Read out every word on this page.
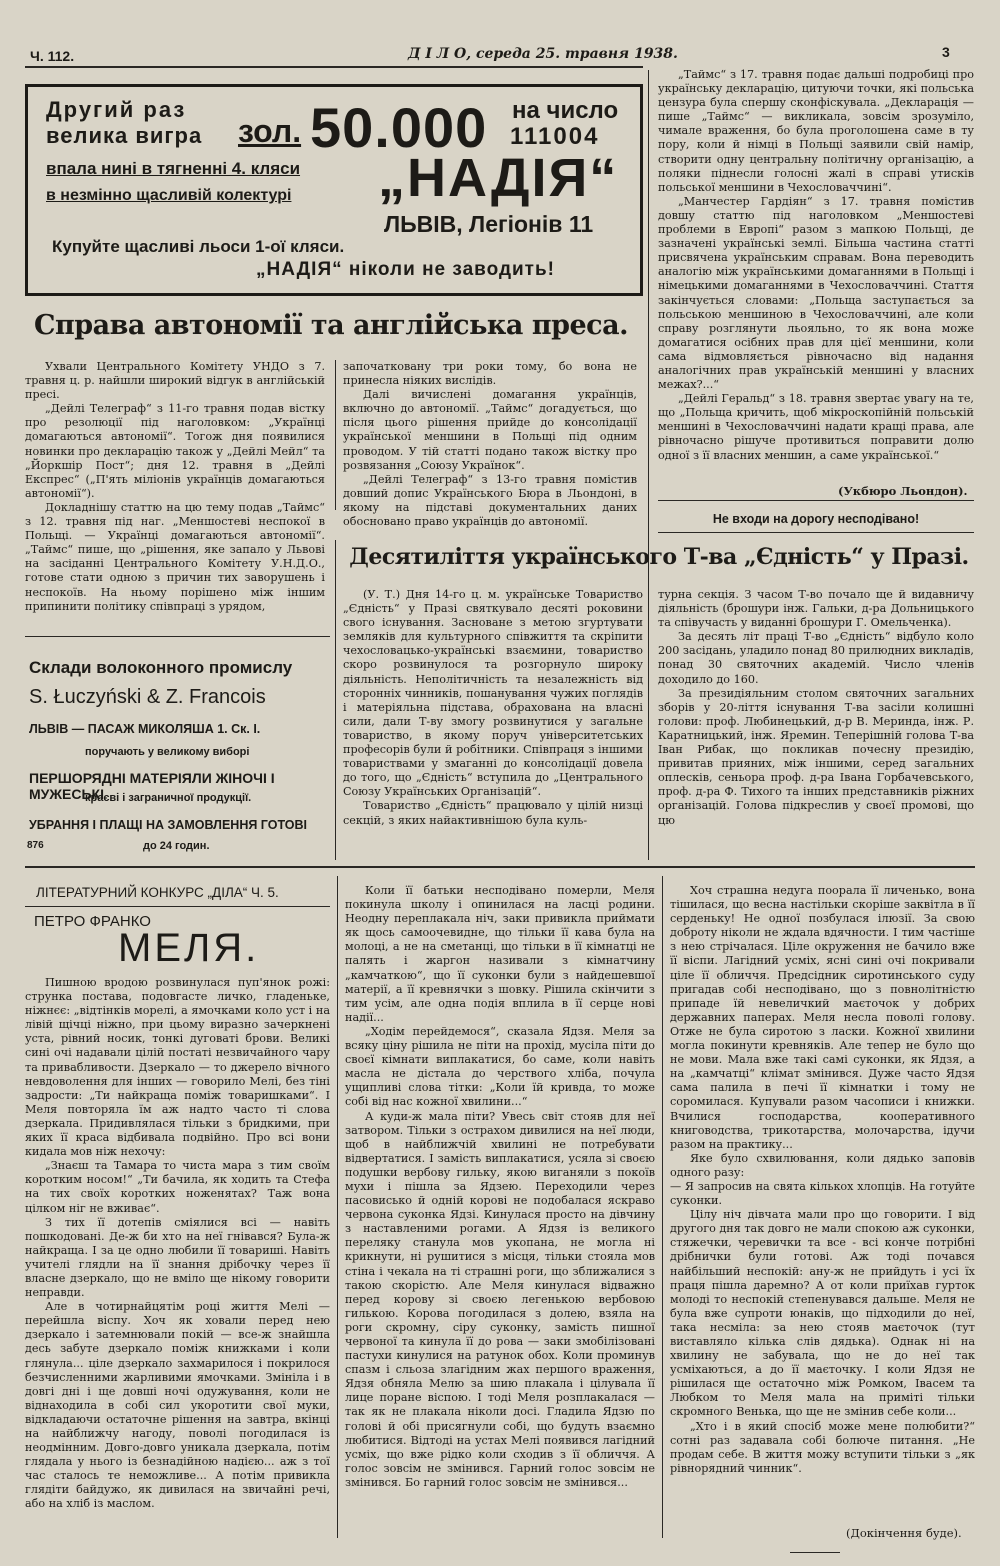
Ч. 112.	Д І Л О, середа 25. травня 1938.	3
Другий раз
велика вигра зол. 50.000 на число
111004
впала нині в тягненні 4. кляси
в незмінно щасливій колектурі „НАДІЯ“
ЛЬВІВ, Легіонів 11
Купуйте щасливі льоси 1-ої кляси.
„НАДІЯ“ ніколи не заводить!
Справа автономії та англійська преса.

Ухвали Центрального Комітету УНДО з 7. травня ц. р. найшли широкий відгук в англійській пресі.

„Дейлі Телеграф“ з 11-го травня подав вістку про резолюції під наголовком: „Українці домагаються автономії“. Тогож дня появилися новинки про декларацію також у „Дейлі Мейл“ та „Йоркшір Пост“; дня 12. травня в „Дейлі Експрес“ („П'ять міліонів українців домагаються автономії“).

Докладнішу статтю на цю тему подав „Таймс“ з 12. травня під наг. „Меншостеві неспокої в Польщі. — Українці домагаються автономії“. „Таймс“ пише, що „рішення, яке запало у Львові на засіданні Центрального Комітету У.Н.Д.О., готове стати одною з причин тих заворушень і неспокоїв. На ньому порішено між іншим припинити політику співпраці з урядом,

започатковану три роки тому, бо вона не принесла ніяких вислідів.

Далі вичислені домагання українців, включно до автономії. „Таймс“ догадується, що після цього рішення прийде до консолідації української меншини в Польщі під одним проводом. У тій статті подано також вістку про розвязання „Союзу Українок“.

„Дейлі Телеграф“ з 13-го травня помістив довший допис Українського Бюра в Льондоні, в якому на підставі документальних даних обосновано право українців до автономії.

„Таймс“ з 17. травня подає дальші подробиці про українську декларацію, цитуючи точки, які польська цензура була спершу сконфіскувала. „Декларація — пише „Таймс“ — викликала, зовсім зрозуміло, чимале враження, бо була проголошена саме в ту пору, коли й німці в Польщі заявили свій намір, створити одну центральну політичну організацію, а поляки піднесли голосні жалі в справі утисків польської меншини в Чехословаччині“.

„Манчестер Гардіян“ з 17. травня помістив довшу статтю під наголовком „Меншостеві проблеми в Европі“ разом з мапкою Польщі, де зазначені українські землі. Більша частина статті присвячена українським справам. Вона переводить аналогію між українськими домаганнями в Польщі і німецькими домаганнями в Чехословаччині. Стаття закінчується словами: „Польща заступається за польською меншиною в Чехословаччині, але коли справу розглянути льояльно, то як вона може домагатися осібних прав для цієї меншини, коли сама відмовляється рівночасно від надання аналогічних прав українській меншині у власних межах?...“

„Дейлі Геральд“ з 18. травня звертає увагу на те, що „Польща кричить, щоб мікроскопійній польській меншині в Чехословаччині надати кращі права, але рівночасно рішуче противиться поправити долю одної з її власних меншин, а саме української.“

(Укбюро Льондон).
Не входи на дорогу несподівано!
Склади волоконного промислу
S. Łuczyński & Z. Francois
ЛЬВІВ — ПАСАЖ МИКОЛЯША 1. Ск. І.
поручають у великому виборі
ПЕРШОРЯДНІ МАТЕРІЯЛИ ЖІНОЧІ І МУЖЕСЬКІ
краєві і заграничної продукції.
УБРАННЯ І ПЛАЩІ НА ЗАМОВЛЕННЯ ГОТОВІ
876	до 24 годин.
Десятиліття українського Т-ва „Єдність“ у Празі.

(У. Т.) Дня 14-го ц. м. українське Товариство „Єдність“ у Празі святкувало десяті роковини свого існування. Засноване з метою згуртувати земляків для культурного співжиття та скріпити чехословацько-українські взаємини, товариство скоро розвинулося та розгорнуло широку діяльність. Неполітичність та незалежність від сторонніх чинників, пошанування чужих поглядів і матеріяльна підстава, обрахована на власні сили, дали Т-ву змогу розвинутися у загальне товариство, в якому поруч університетських професорів були й робітники. Співпраця з іншими товариствами у змаганні до консолідації довела до того, що „Єдність“ вступила до „Центрального Союзу Українських Організацій“.

Товариство „Єдність“ працювало у цілій низці секцій, з яких найактивнішою була куль-

турна секція. З часом Т-во почало ще й видавничу діяльність (брошури інж. Гальки, д-ра Дольницького та співучасть у виданні брошури Г. Омельченка).

За десять літ праці Т-во „Єдність“ відбуло коло 200 засідань, уладило понад 80 прилюдних викладів, понад 30 святочних академій. Число членів доходило до 160.

За президіяльним столом святочних загальних зборів у 20-ліття існування Т-ва засіли колишні голови: проф. Любинецький, д-р В. Меринда, інж. Р. Каратницький, інж. Яремин. Теперішній голова Т-ва Іван Рибак, що покликав почесну президію, привитав прияних, між іншими, серед загальних оплесків, сеньора проф. д-ра Івана Горбачевського, проф. д-ра Ф. Тихого та інших представників ріжних організацій. Голова підкреслив у своєї промові, що цю

ЛІТЕРАТУРНИЙ КОНКУРС „ДІЛА“ Ч. 5.
ПЕТРО ФРАНКО
МЕЛЯ.

Пишною вродою розвинулася пуп'янок рожі: струнка постава, подовгасте личко, гладеньке, ніжнєє: „відтінків морелі, а ямочками коло уст і на лівій щічці ніжно, при цьому виразно зачеркнені уста, рівний носик, тонкі дуговаті брови. Великі сині очі надавали цілій постаті незвичайного чару та привабливости. Дзеркало — то джерело вічного невдоволення для інших — говорило Мелі, без тіні задрости: „Ти найкраща поміж товаришками“. І Меля повторяла їм аж надто часто ті слова дзеркала. Придивлялася тільки з бридкими, при яких її краса відбивала подвійно. Про всі вони кидала мов ніж нехочу:

„Знаєш та Тамара то чиста мара з тим своїм коротким носом!“ „Ти бачила, як ходить та Стефа на тих своїх коротких ноженятах? Таж вона цілком ніг не вживає“.

З тих її дотепів сміялися всі — навіть пошкодовані. Де-ж би хто на неї гнівався? Була-ж найкраща. І за це одно любили її товариші. Навіть учителі глядли на її знання дрібочку через її власне дзеркало, що не вміло ще нікому говорити неправди.

Але в чотирнайцятім році життя Мелі — перейшла віспу. Хоч як ховали перед нею дзеркало і затемнювали покій — все-ж знайшла десь забуте дзеркало поміж книжками і коли глянула... ціле дзеркало захмарилося і покрилося безчисленними жарливими ямочками. Змініла і в довгі дні і ще довші ночі одужування, коли не віднаходила в собі сил укоротити свої муки, відкладаючи остаточне рішення на завтра, вкінці на найближчу нагоду, поволі погодилася із неодмінним. Довго-довго уникала дзеркала, потім глядала у нього із безнадійною надією... аж з тої час сталось те неможливе... А потім привикла глядіти байдужо, як дивилася на звичайні речі, або на хліб із маслом.

Коли її батьки несподівано померли, Меля покинула школу і опинилася на ласці родини. Неодну переплакала ніч, заки привикла приймати як щось самоочевидне, що тільки її кава була на молоці, а не на сметанці, що тільки в її кімнатці не палять і жаргон називали з кімнатчину „камчаткою“, що її суконки були з найдешевшої матерії, а її кревнячки з шовку. Рішила скінчити з тим усім, але одна подія вплила в її серце нові надії...

„Ходім перейдемося“, сказала Ядзя. Меля за всяку ціну рішила не піти на прохід, мусіла піти до своєї кімнати виплакатися, бо саме, коли навіть масла не дістала до черствого хліба, почула ущипливі слова тітки: „Коли їй кривда, то може собі від нас кожної хвилини...“

А куди-ж мала піти? Увесь світ стояв для неї затвором. Тільки з острахом дивилися на неї люди, щоб в найближчій хвилині не потребувати відвертатися. І замість виплакатися, усяла зі своєю подушки вербову гильку, якою виганяли з покоїв мухи і пішла за Ядзею. Переходили через пасовисько й одній корові не подобалася яскраво червона суконка Ядзі. Кинулася просто на дівчину з наставленими рогами. А Ядзя із великого переляку станула мов укопана, не могла ні крикнути, ні рушитися з місця, тільки стояла мов стіна і чекала на ті страшні роги, що зближалися з такою скорістю. Але Меля кинулася відважно перед корову зі своєю легенькою вербовою гилькою. Корова погодилася з долею, взяла на роги скромну, сіру суконку, замість пишної червоної та кинула її до рова — заки змобілізовані пастухи кинулися на ратунок обох. Коли проминув спазм і сльоза злагідним жах першого враження, Ядзя обняла Мелю за шию плакала і цілувала її лице поране віспою. І тоді Меля розплакалася — так як не плакала ніколи досі. Гладила Ядзю по голові й обі присягнули собі, що будуть взаємно любитися. Відтоді на устах Мелі появився лагідний усміх, що вже рідко коли сходив з її обличчя. А голос зовсім не змінився. Гарний голос зовсім не змінився. Бо гарний голос зовсім не змінився...

Хоч страшна недуга поорала її личенько, вона тішилася, що весна настільки скоріше заквітла в її серденьку! Не одної позбулася ілюзії. За свою доброту ніколи не ждала вдячности. І тим частіше з нею стрічалася. Ціле окруження не бачило вже її віспи. Лагідний усміх, ясні сині очі покривали ціле її обличчя. Предсідник сиротинського суду пригадав собі несподівано, що з повнолітністю припаде їй невеличкий маєточок у добрих державних паперах. Меля несла поволі голову. Отже не була сиротою з ласки. Кожної хвилини могла покинути кревняків. Але тепер не було що не мови. Мала вже такі самі суконки, як Ядзя, а на „камчатці“ клімат змінився. Дуже часто Ядзя сама палила в печі її кімнатки і тому не соромилася. Купували разом часописи і книжки. Вчилися господарства, кооперативного книговодства, трикотарства, молочарства, ідучи разом на практику...

Яке було схвилювання, коли дядько заповів одного разу:

— Я запросив на свята кількох хлопців. На готуйте суконки.

Цілу ніч дівчата мали про що говорити. І від другого дня так довго не мали спокою аж суконки, стяжечки, черевички та все - всі конче потрібні дрібнички були готові. Аж тоді почався найбільший неспокій: ану-ж не прийдуть і усі їх праця пішла даремно? А от коли приїхав гурток молоді то неспокій степенувався дальше. Меля не була вже супроти юнаків, що підходили до неї, така несміла: за нею стояв маєточок (тут виставляло кілька слів дядька). Однак ні на хвилину не забувала, що не до неї так усміхаються, а до її маєточку. І коли Ядзя не рішилася ще остаточно між Ромком, Івасем та Любком то Меля мала на приміті тільки скромного Венька, що ще не змінив себе коли...

„Хто і в який спосіб може мене полюбити?“ сотні раз задавала собі болюче питання. „Не продам себе. В життя можу вступити тільки з „як рівнорядний чинник“.

(Докінчення буде).
